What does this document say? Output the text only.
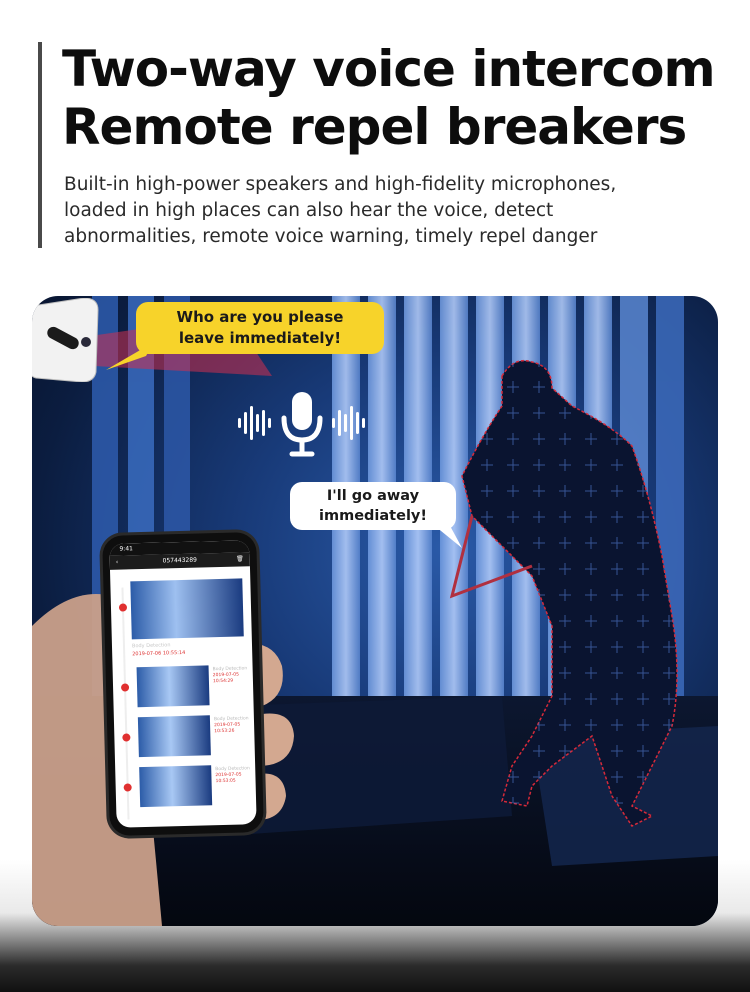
Two-way voice intercom
Remote repel breakers

Built-in high-power speakers and high-fidelity microphones,
loaded in high places can also hear the voice, detect
abnormalities, remote voice warning, timely repel danger

Who are you please
leave immediately!
I'll go away
immediately!
9:41
‹	057443289	🗑
Body Detection
2019-07-06 10:55:14
Body Detection
2019-07-05
10:54:29
Body Detection
2019-07-05
10:53:26
Body Detection
2019-07-05
10:53:05
